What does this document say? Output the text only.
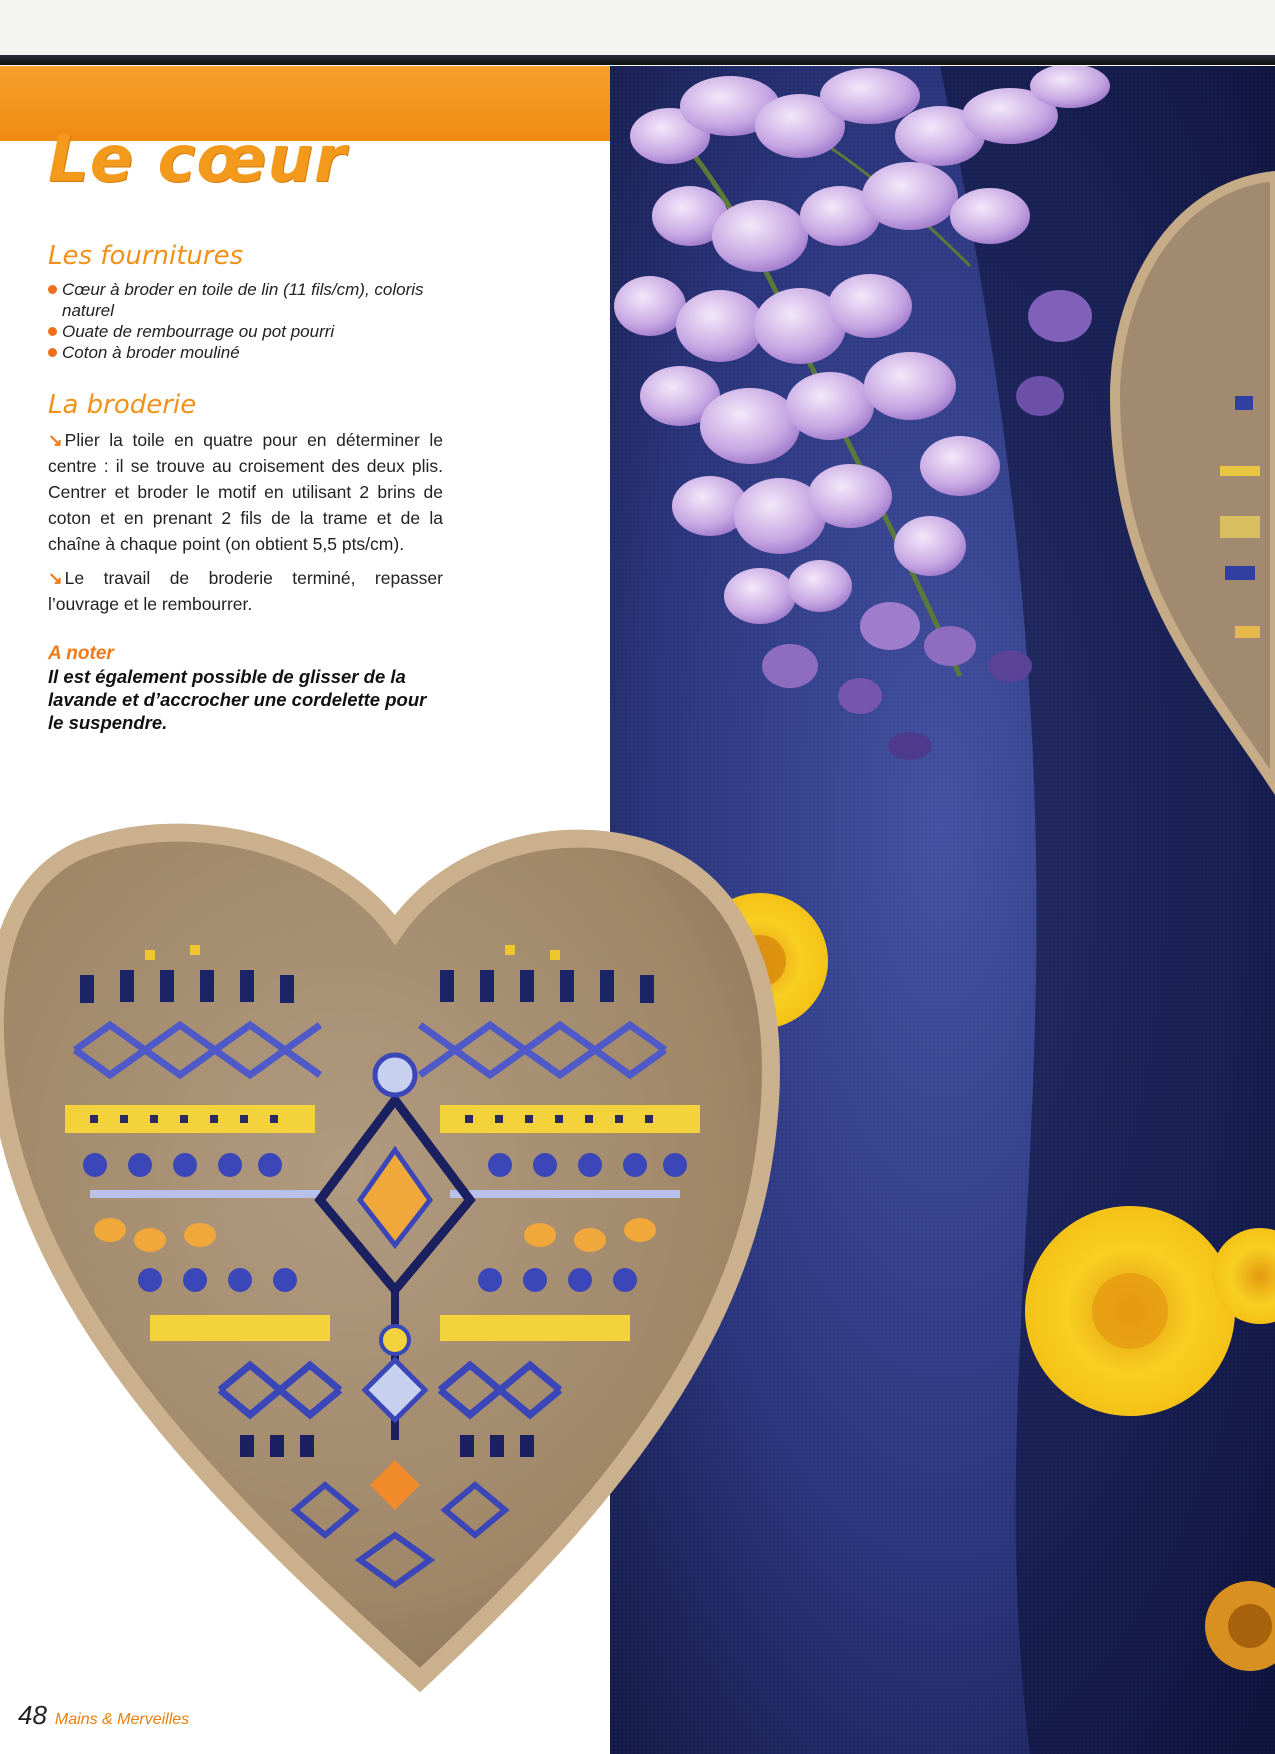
Le cœur
Les fournitures
Cœur à broder en toile de lin (11 fils/cm), coloris naturel
Ouate de rembourrage ou pot pourri
Coton à broder mouliné
La broderie

↘ Plier la toile en quatre pour en déterminer le centre : il se trouve au croisement des deux plis. Centrer et broder le motif en utilisant 2 brins de coton et en prenant 2 fils de la trame et de la chaîne à chaque point (on obtient 5,5 pts/cm).

↘ Le travail de broderie terminé, repasser l’ouvrage et le rembourrer.

A noter

Il est également possible de glisser de la lavande et d’accrocher une cordelette pour le suspendre.

48 Mains & Merveilles
